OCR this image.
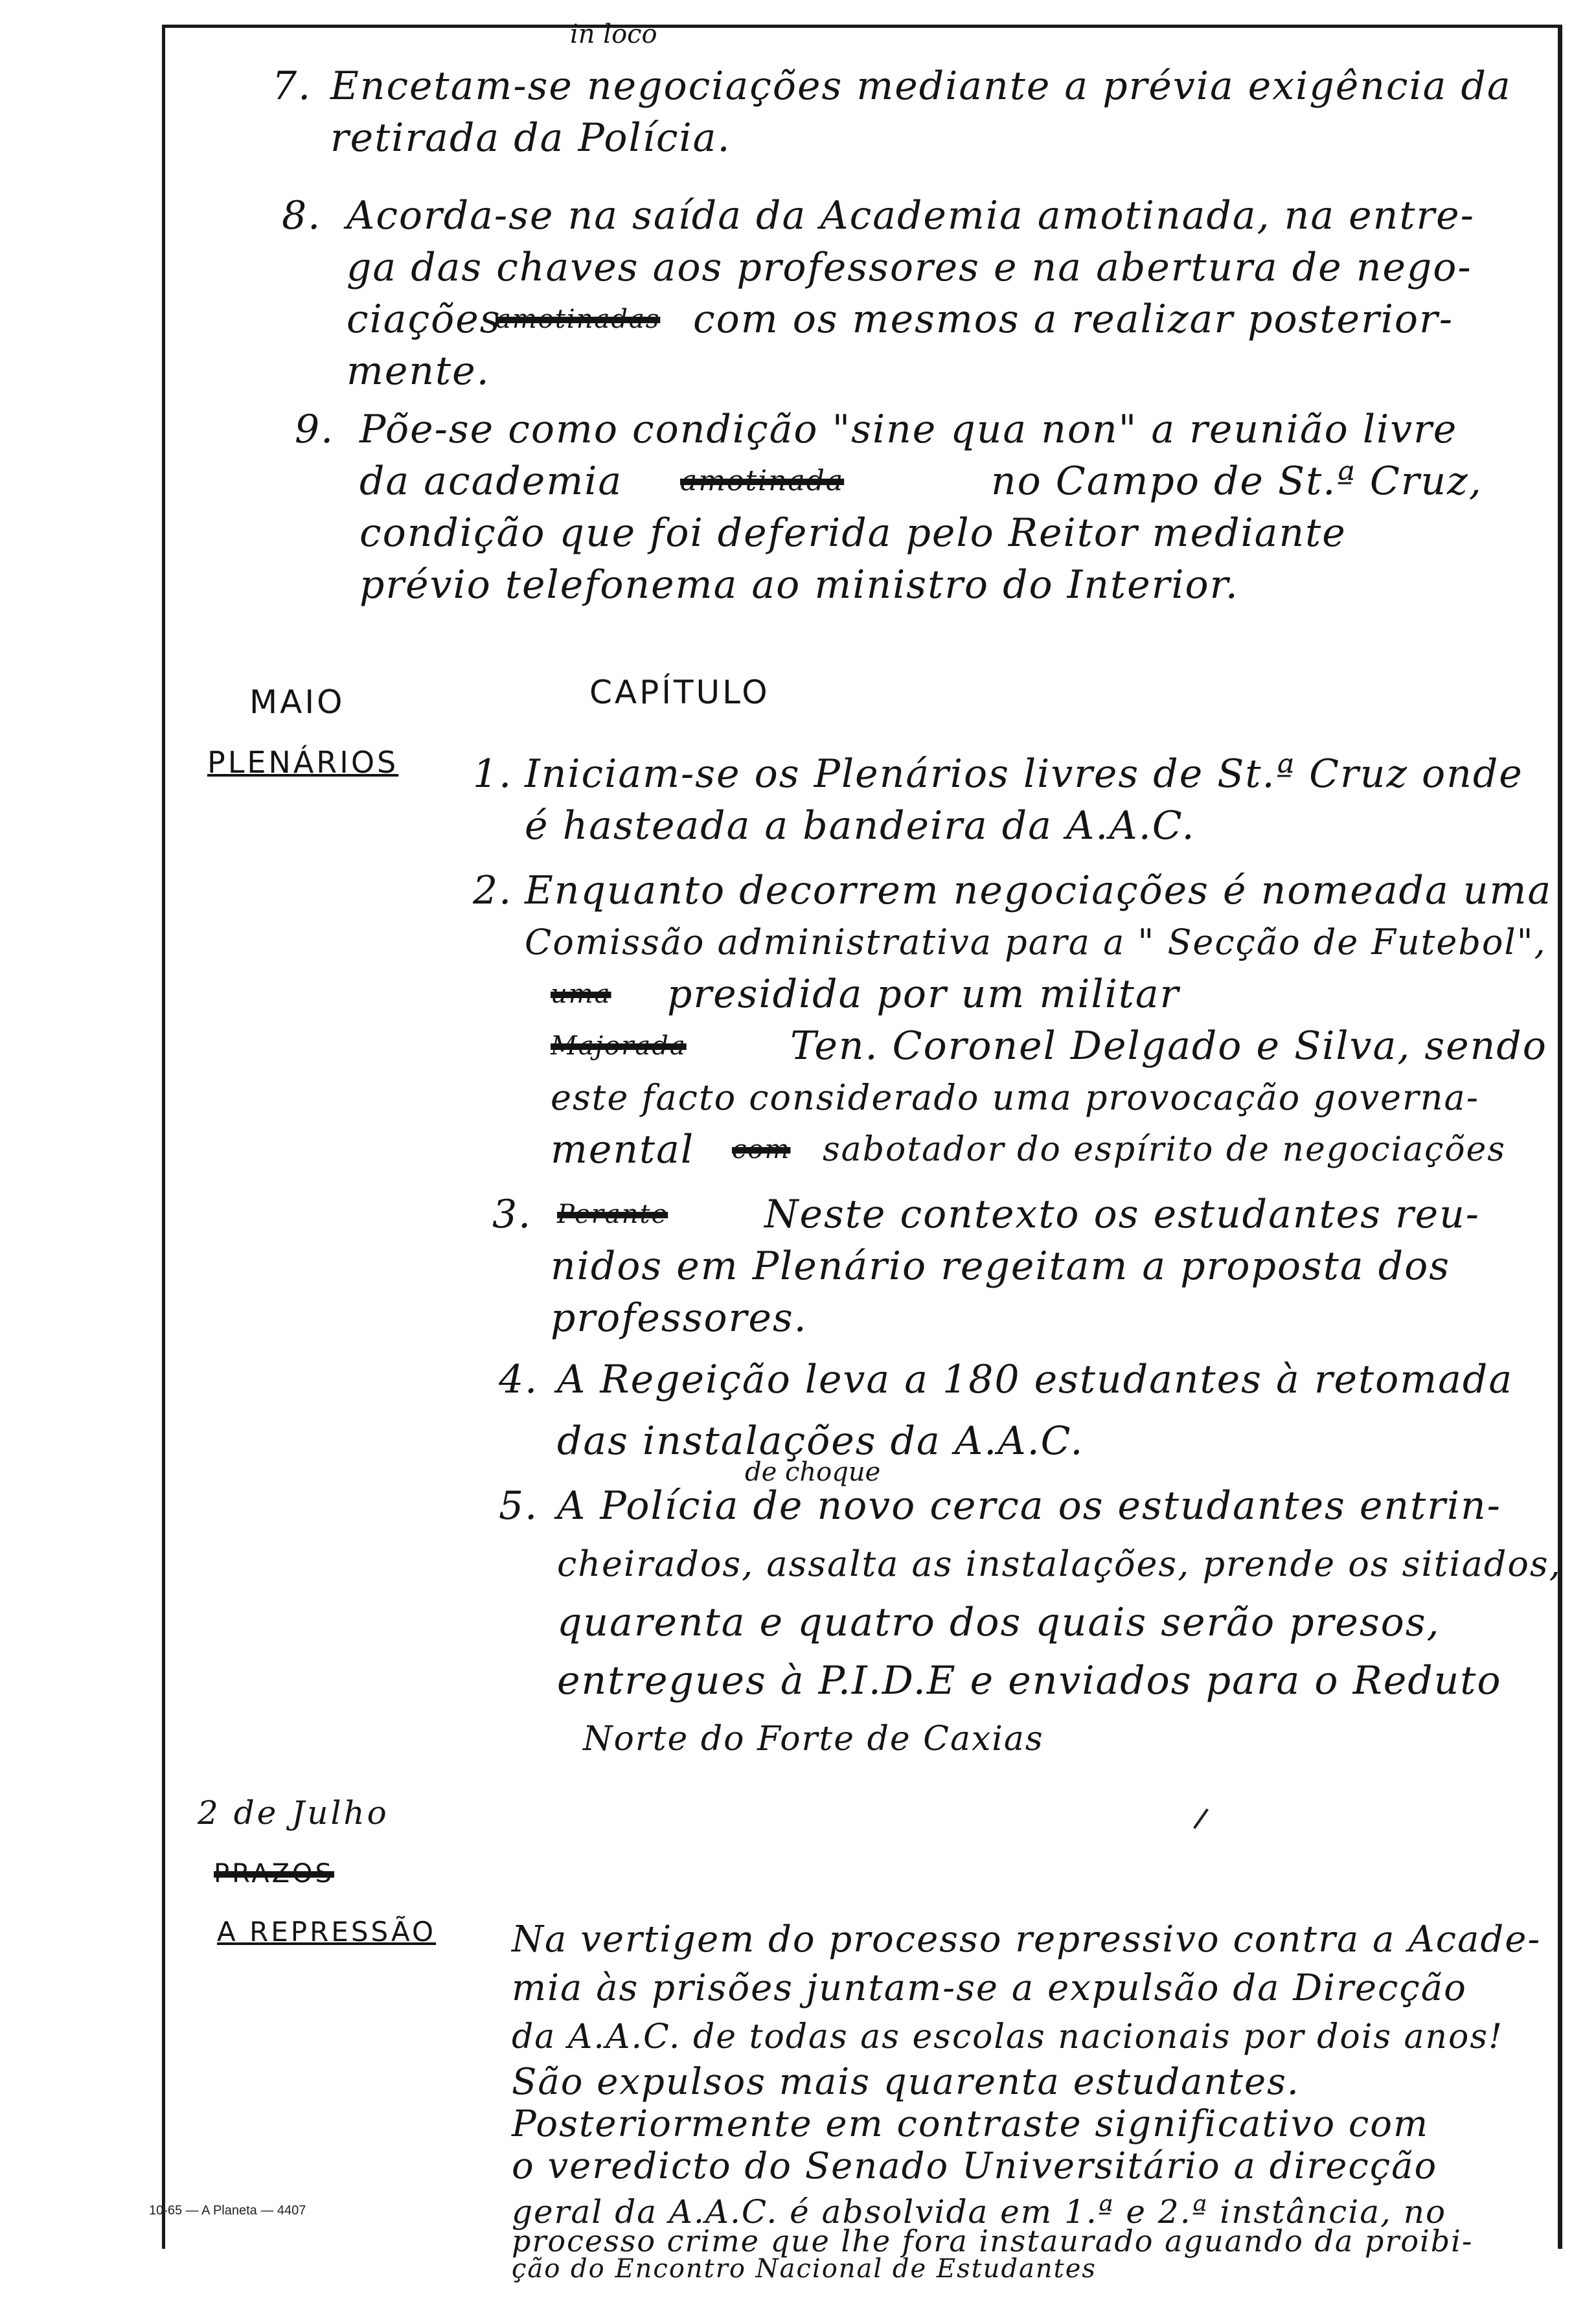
7.
in loco
Encetam-se negociações mediante a prévia exigência da
retirada da Polícia.
8. Acorda-se na saída da Academia amotinada, na entre-
ga das chaves aos professores e na abertura de nego-
ciações
amotinadas com os mesmos a realizar posterior-
mente.
9. Põe-se como condição "sine qua non" a reunião livre
da academia amotinada	no Campo de St.ª Cruz,
condição que foi deferida pelo Reitor mediante
prévio telefonema ao ministro do Interior.
MAIO	CAPÍTULO
PLENÁRIOS 1. Iniciam-se os Plenários livres de St.ª Cruz onde
é hasteada a bandeira da A.A.C.
2. Enquanto decorrem negociações é nomeada uma
Comissão administrativa para a " Secção de Futebol",
uma presidida por um militar
Majorada	Ten. Coronel Delgado e Silva, sendo
este facto considerado uma provocação governa-
mental com sabotador do espírito de negociações
3. Perante Neste contexto os estudantes reu-
nidos em Plenário regeitam a proposta dos
professores.
4. A Regeição leva a 180 estudantes à retomada
das instalações da A.A.C.
de choque
5. A Polícia de novo cerca os estudantes entrin-
cheirados, assalta as instalações, prende os sitiados,
quarenta e quatro dos quais serão presos,
entregues à P.I.D.E e enviados para o Reduto
Norte do Forte de Caxias
2 de Julho
PRAZOS
A REPRESSÃO Na vertigem do processo repressivo contra a Acade-
mia às prisões juntam-se a expulsão da Direcção
da A.A.C. de todas as escolas nacionais por dois anos!
São expulsos mais quarenta estudantes.
Posteriormente em contraste significativo com
o veredicto do Senado Universitário a direcção
geral da A.A.C. é absolvida em 1.ª e 2.ª instância, no
processo crime que lhe fora instaurado aguando da proibi-
ção do Encontro Nacional de Estudantes
10-65 — A Planeta — 4407
